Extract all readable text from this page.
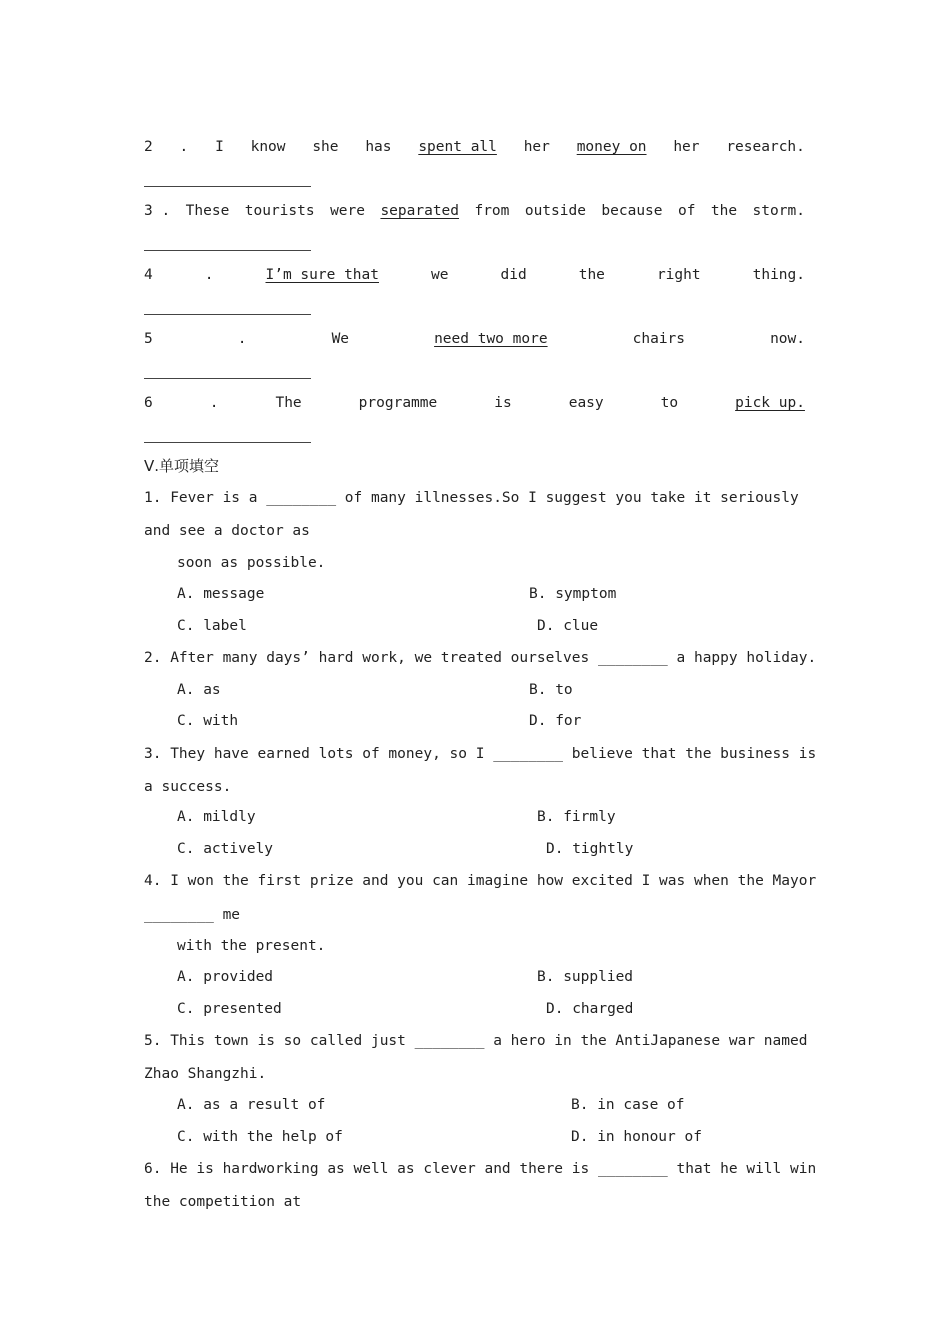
2 . I know she has spent all her money on her research.
3 . These tourists were separated from outside because of the storm.
4	.	I’m sure that	we	did	the	right	thing.
5	.	We	need two more	chairs	now.
6	.	The	programme	is	easy	to	pick up.
Ⅴ.单项填空
1. Fever is a ________ of many illnesses.So I suggest you take it seriously
and see a doctor as
soon as possible.
A. message	B. symptom
C. label	D. clue
2. After many days’ hard work, we treated ourselves ________ a happy holiday.
A. as	B. to
C. with	D. for
3. They have earned lots of money, so I ________ believe that the business is
a success.
A. mildly	B. firmly
C. actively	D. tightly
4. I won the first prize and you can imagine how excited I was when the Mayor
________ me
with the present.
A. provided	B. supplied
C. presented	D. charged
5. This town is so called just ________ a hero in the AntiJapanese war named
Zhao Shangzhi.
A. as a result of	B. in case of
C. with the help of	D. in honour of
6. He is hardworking as well as clever and there is ________ that he will win
the competition at
